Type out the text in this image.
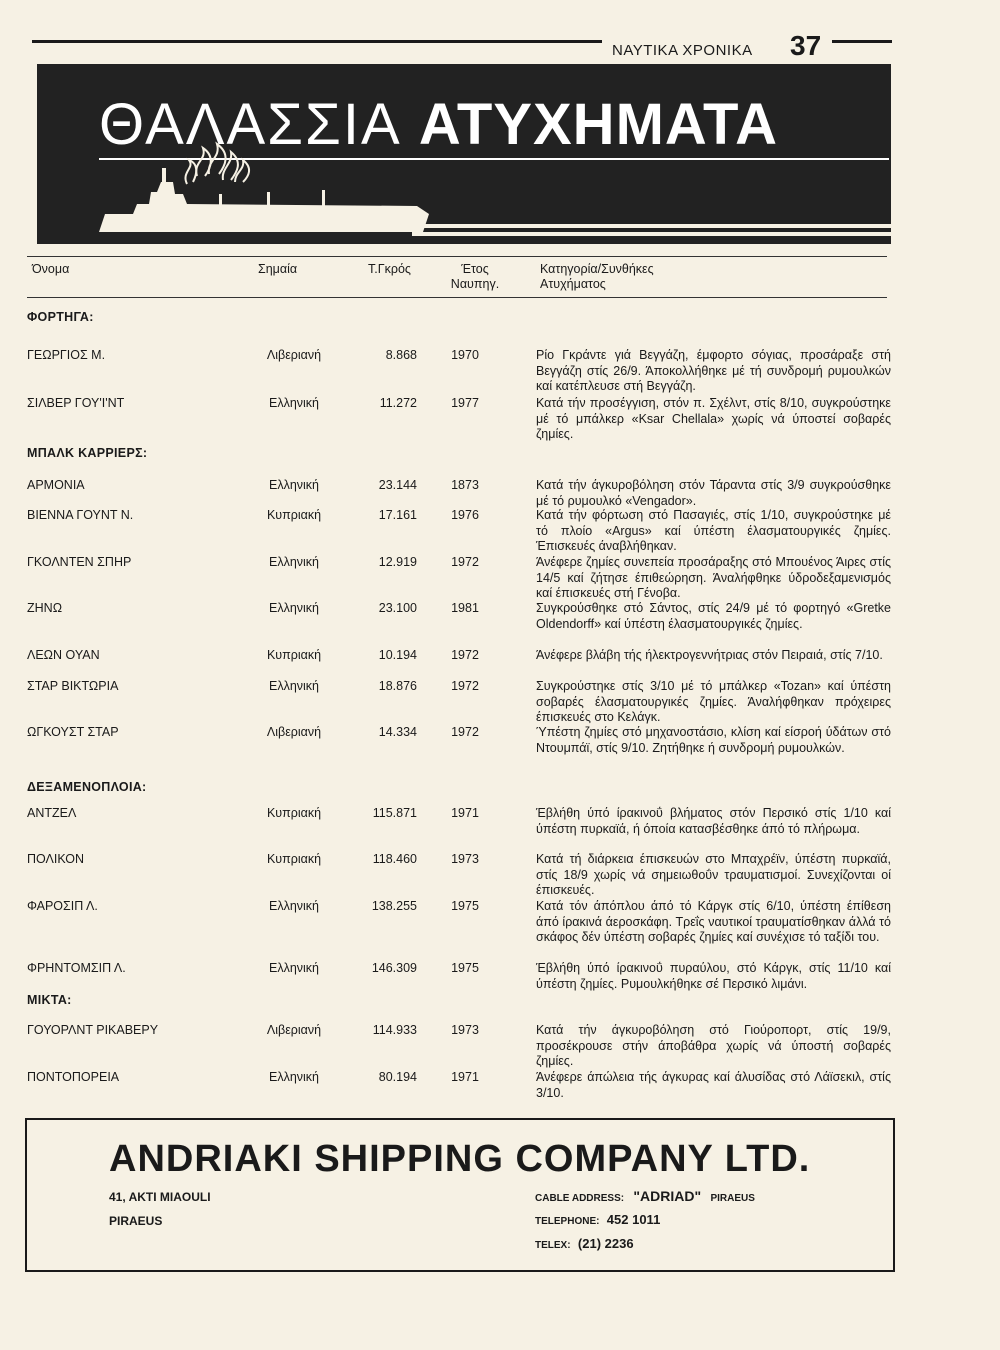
ΝΑΥΤΙΚΑ ΧΡΟΝΙΚΑ 37
ΘΑΛΑΣΣΙΑ ΑΤΥΧΗΜΑΤΑ
Όνομα	Σημαία	Τ.Γκρός	Έτος
Ναυπηγ.
Κατηγορία/Συνθήκες
Ατυχήματος
ΦΟΡΤΗΓΑ:
ΓΕΩΡΓΙΟΣ Μ.	Λιβεριανή	8.868	1970	Ρίο Γκράντε γιά Βεγγάζη, έμφορτο σόγιας, προσάραξε στή Βεγγάζη στίς 26/9. Άποκολλήθηκε μέ τή συνδρομή ρυμουλκών καί κατέπλευσε στή Βεγγάζη.
ΣΙΛΒΕΡ ΓΟΥ'Ι'ΝΤ	Ελληνική	11.272	1977	Κατά τήν προσέγγιση, στόν π. Σχέλντ, στίς 8/10, συγκρούστηκε μέ τό μπάλκερ «Ksar Chellala» χωρίς νά ύποστεί σοβαρές ζημίες.
ΜΠΑΛΚ ΚΑΡΡΙΕΡΣ:
ΑΡΜΟΝΙΑ	Ελληνική	23.144	1873	Κατά τήν άγκυροβόληση στόν Τάραντα στίς 3/9 συγκρούσθηκε μέ τό ρυμουλκό «Vengador».
ΒΙΕΝΝΑ ΓΟΥΝΤ Ν.	Κυπριακή	17.161	1976	Κατά τήν φόρτωση στό Πασαγιές, στίς 1/10, συγκρούστηκε μέ τό πλοίο «Argus» καί ύπέστη έλασματουργικές ζημίες. Έπισκευές άναβλήθηκαν.
ΓΚΟΛΝΤΕΝ ΣΠΗΡ	Ελληνική	12.919	1972	Άνέφερε ζημίες συνεπεία προσάραξης στό Μπουένος Άιρες στίς 14/5 καί ζήτησε έπιθεώρηση. Άναλήφθηκε ύδροδεξαμενισμός καί έπισκευές στή Γένοβα.
ΖΗΝΩ	Ελληνική	23.100	1981	Συγκρούσθηκε στό Σάντος, στίς 24/9 μέ τό φορτηγό «Gretke Oldendorff» καί ύπέστη έλασματουργικές ζημίες.
ΛΕΩΝ ΟΥΑΝ	Κυπριακή	10.194	1972	Άνέφερε βλάβη τής ήλεκτρογεννήτριας στόν Πειραιά, στίς 7/10.
ΣΤΑΡ ΒΙΚΤΩΡΙΑ	Ελληνική	18.876	1972	Συγκρούστηκε στίς 3/10 μέ τό μπάλκερ «Tozan» καί ύπέστη σοβαρές έλασματουργικές ζημίες. Άναλήφθηκαν πρόχειρες έπισκευές στο Κελάγκ.
ΩΓΚΟΥΣΤ ΣΤΑΡ	Λιβεριανή	14.334	1972	Ύπέστη ζημίες στό μηχανοστάσιο, κλίση καί είσροή ύδάτων στό Ντουμπάϊ, στίς 9/10. Ζητήθηκε ή συνδρομή ρυμουλκών.
ΔΕΞΑΜΕΝΟΠΛΟΙΑ:
ΑΝΤΖΕΛ	Κυπριακή	115.871	1971	Έβλήθη ύπό ίρακινοΰ βλήματος στόν Περσικό στίς 1/10 καί ύπέστη πυρκαϊά, ή όποία κατασβέσθηκε άπό τό πλήρωμα.
ΠΟΛΙΚΟΝ	Κυπριακή	118.460	1973	Κατά τή διάρκεια έπισκευών στο Μπαχρέϊν, ύπέστη πυρκαϊά, στίς 18/9 χωρίς νά σημειωθοΰν τραυματισμοί. Συνεχίζονται οί έπισκευές.
ΦΑΡΟΣΙΠ Λ.	Ελληνική	138.255	1975	Κατά τόν άπόπλου άπό τό Κάργκ στίς 6/10, ύπέστη έπίθεση άπό ίρακινά άεροσκάφη. Τρεΐς ναυτικοί τραυματίσθηκαν άλλά τό σκάφος δέν ύπέστη σοβαρές ζημίες καί συνέχισε τό ταξίδι του.
ΦΡΗΝΤΟΜΣΙΠ Λ.	Ελληνική	146.309	1975	Έβλήθη ύπό ίρακινοΰ πυραύλου, στό Κάργκ, στίς 11/10 καί ύπέστη ζημίες. Ρυμουλκήθηκε σέ Περσικό λιμάνι.
ΜΙΚΤΑ:
ΓΟΥΟΡΛΝΤ ΡΙΚΑΒΕΡΥ	Λιβεριανή	114.933	1973	Κατά τήν άγκυροβόληση στό Γιούροπορτ, στίς 19/9, προσέκρουσε στήν άποβάθρα χωρίς νά ύποστή σοβαρές ζημίες.
ΠΟΝΤΟΠΟΡΕΙΑ	Ελληνική	80.194	1971	Άνέφερε άπώλεια τής άγκυρας καί άλυσίδας στό Λάϊσεκιλ, στίς 3/10.
ANDRIAKI SHIPPING COMPANY LTD.
41, AKTI MIAOULI
PIRAEUS
CABLE ADDRESS: "ADRIAD" PIRAEUS
TELEPHONE: 452 1011
TELEX: (21) 2236
